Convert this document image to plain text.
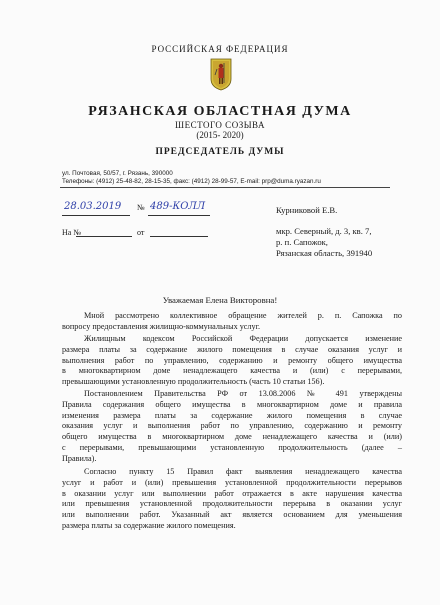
РОССИЙСКАЯ ФЕДЕРАЦИЯ
РЯЗАНСКАЯ ОБЛАСТНАЯ ДУМА
ШЕСТОГО СОЗЫВА
(2015- 2020)
ПРЕДСЕДАТЕЛЬ ДУМЫ
ул. Почтовая, 50/57, г. Рязань, 390000
Телефоны: (4912) 25-48-82, 28-15-35, факс: (4912) 28-99-57, E-mail: prp@duma.ryazan.ru
28.03.2019 № 489-КОЛЛ
На №	от
Курниковой Е.В.
мкр. Северный, д. 3, кв. 7,
р. п. Сапожок,
Рязанская область, 391940
Уважаемая Елена Викторовна!
Мной рассмотрено коллективное обращение жителей р. п. Сапожка по
вопросу предоставления жилищно-коммунальных услуг.
Жилищным кодексом Российской Федерации допускается изменение
размера платы за содержание жилого помещения в случае оказания услуг и
выполнения работ по управлению, содержанию и ремонту общего имущества
в многоквартирном доме ненадлежащего качества и (или) с перерывами,
превышающими установленную продолжительность (часть 10 статьи 156).
Постановлением Правительства РФ от 13.08.2006 № 491 утверждены
Правила содержания общего имущества в многоквартирном доме и правила
изменения размера платы за содержание жилого помещения в случае
оказания услуг и выполнения работ по управлению, содержанию и ремонту
общего имущества в многоквартирном доме ненадлежащего качества и (или)
с перерывами, превышающими установленную продолжительность (далее –
Правила).
Согласно пункту 15 Правил факт выявления ненадлежащего качества
услуг и работ и (или) превышения установленной продолжительности перерывов
в оказании услуг или выполнении работ отражается в акте нарушения качества
или превышения установленной продолжительности перерыва в оказании услуг
или выполнении работ. Указанный акт является основанием для уменьшения
размера платы за содержание жилого помещения.
